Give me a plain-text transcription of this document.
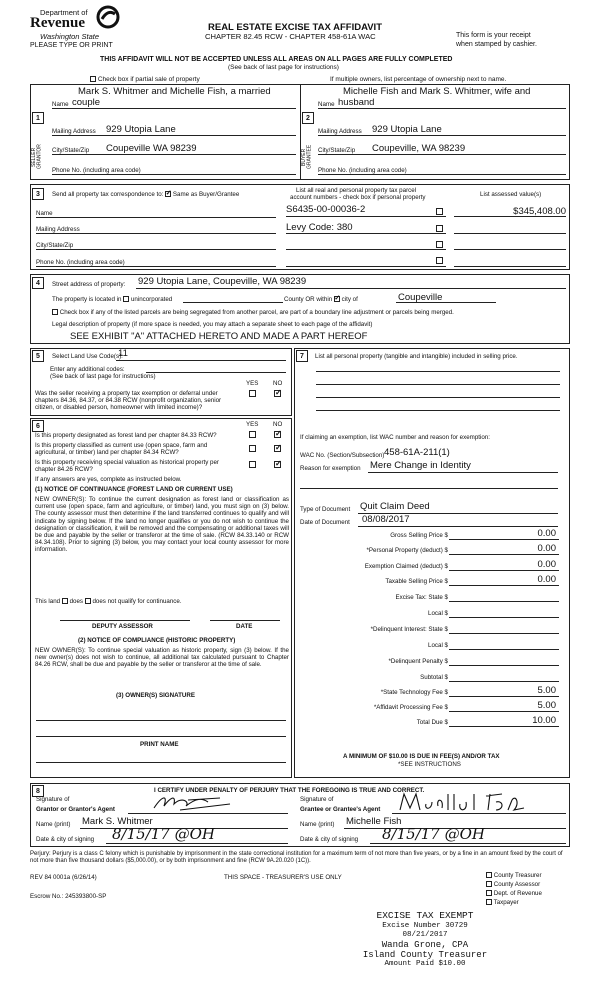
Department of
Revenue
Washington State
PLEASE TYPE OR PRINT
REAL ESTATE EXCISE TAX AFFIDAVIT
CHAPTER 82.45 RCW - CHAPTER 458-61A WAC	This form is your receipt
when stamped by cashier.
THIS AFFIDAVIT WILL NOT BE ACCEPTED UNLESS ALL AREAS ON ALL PAGES ARE FULLY COMPLETED
(See back of last page for instructions)
Check box if partial sale of property	If multiple owners, list percentage of ownership next to name.
1
SELLER GRANTOR
Mark S. Whitmer and Michelle Fish, a married
Name couple
Mailing Address 929 Utopia Lane
City/State/Zip Coupeville WA 98239
Phone No. (including area code)
2
BUYER GRANTEE
Michelle Fish and Mark S. Whitmer, wife and
Name husband
Mailing Address 929 Utopia Lane
City/State/Zip Coupeville, WA 98239
Phone No. (including area code)
3	Send all property tax correspondence to: ✓ Same as Buyer/Grantee
Name
Mailing Address
City/State/Zip
Phone No. (including area code)
List all real and personal property tax parcel
account numbers - check box if personal property	List assessed value(s)
S6435-00-00036-2
Levy Code: 380
$345,408.00
4	Street address of property: 929 Utopia Lane, Coupeville, WA 98239
The property is located in unincorporated	County OR within ✓ city of	Coupeville
Check box if any of the listed parcels are being segregated from another parcel, are part of a boundary line adjustment or parcels being merged.
Legal description of property (if more space is needed, you may attach a separate sheet to each page of the affidavit)
SEE EXHIBIT "A" ATTACHED HERETO AND MADE A PART HEREOF
5	Select Land Use Code(s):
11
Enter any additional codes:
(See back of last page for instructions)
YES NO
Was the seller receiving a property tax exemption or deferral under chapters 84.36, 84.37, or 84.38 RCW (nonprofit organization, senior citizen, or disabled person, homeowner with limited income)?
✓
6	YES NO
Is this property designated as forest land per chapter 84.33 RCW?
✓
Is this property classified as current use (open space, farm and agricultural, or timber) land per chapter 84.34 RCW?
✓
Is this property receiving special valuation as historical property per chapter 84.26 RCW?
✓
If any answers are yes, complete as instructed below.
(1) NOTICE OF CONTINUANCE (FOREST LAND OR CURRENT USE)
NEW OWNER(S): To continue the current designation as forest land or classification as current use (open space, farm and agriculture, or timber) land, you must sign on (3) below. The county assessor must then determine if the land transferred continues to qualify and will indicate by signing below. If the land no longer qualifies or you do not wish to continue the designation or classification, it will be removed and the compensating or additional taxes will be due and payable by the seller or transferor at the time of sale. (RCW 84.33.140 or RCW 84.34.108). Prior to signing (3) below, you may contact your local county assessor for more information.
This land does does not qualify for continuance.
DEPUTY ASSESSOR	DATE
(2) NOTICE OF COMPLIANCE (HISTORIC PROPERTY)
NEW OWNER(S): To continue special valuation as historic property, sign (3) below. If the new owner(s) does not wish to continue, all additional tax calculated pursuant to Chapter 84.26 RCW, shall be due and payable by the seller or transferor at the time of sale.
(3) OWNER(S) SIGNATURE
PRINT NAME
7	List all personal property (tangible and intangible) included in selling price.
If claiming an exemption, list WAC number and reason for exemption:
WAC No. (Section/Subsection) 458-61A-211(1)
Reason for exemption Mere Change in Identity
Type of Document Quit Claim Deed
Date of Document 08/08/2017
Gross Selling Price $	0.00
*Personal Property (deduct) $	0.00
Exemption Claimed (deduct) $	0.00
Taxable Selling Price $	0.00
Excise Tax: State $
Local $
*Delinquent Interest: State $
Local $
*Delinquent Penalty $
Subtotal $
*State Technology Fee $	5.00
*Affidavit Processing Fee $	5.00
Total Due $	10.00
A MINIMUM OF $10.00 IS DUE IN FEE(S) AND/OR TAX
*SEE INSTRUCTIONS
8	I CERTIFY UNDER PENALTY OF PERJURY THAT THE FOREGOING IS TRUE AND CORRECT.
Signature of
Grantor or Grantor's Agent
Name (print) Mark S. Whitmer
Date & city of signing 8/15/17 @OH
Signature of
Grantee or Grantee's Agent
Name (print) Michelle Fish
Date & city of signing 8/15/17 @OH
Perjury: Perjury is a class C felony which is punishable by imprisonment in the state correctional institution for a maximum term of not more than five years, or by a fine in an amount fixed by the court of not more than five thousand dollars ($5,000.00), or by both imprisonment and fine (RCW 9A.20.020 (1C)).
REV 84 0001a (6/26/14)	THIS SPACE - TREASURER'S USE ONLY
Escrow No.: 245393800-SP
County Treasurer
County Assessor
Dept. of Revenue
Taxpayer
EXCISE TAX EXEMPT
Excise Number 30729
08/21/2017
Wanda Grone, CPA
Island County Treasurer
Amount Paid $10.00
